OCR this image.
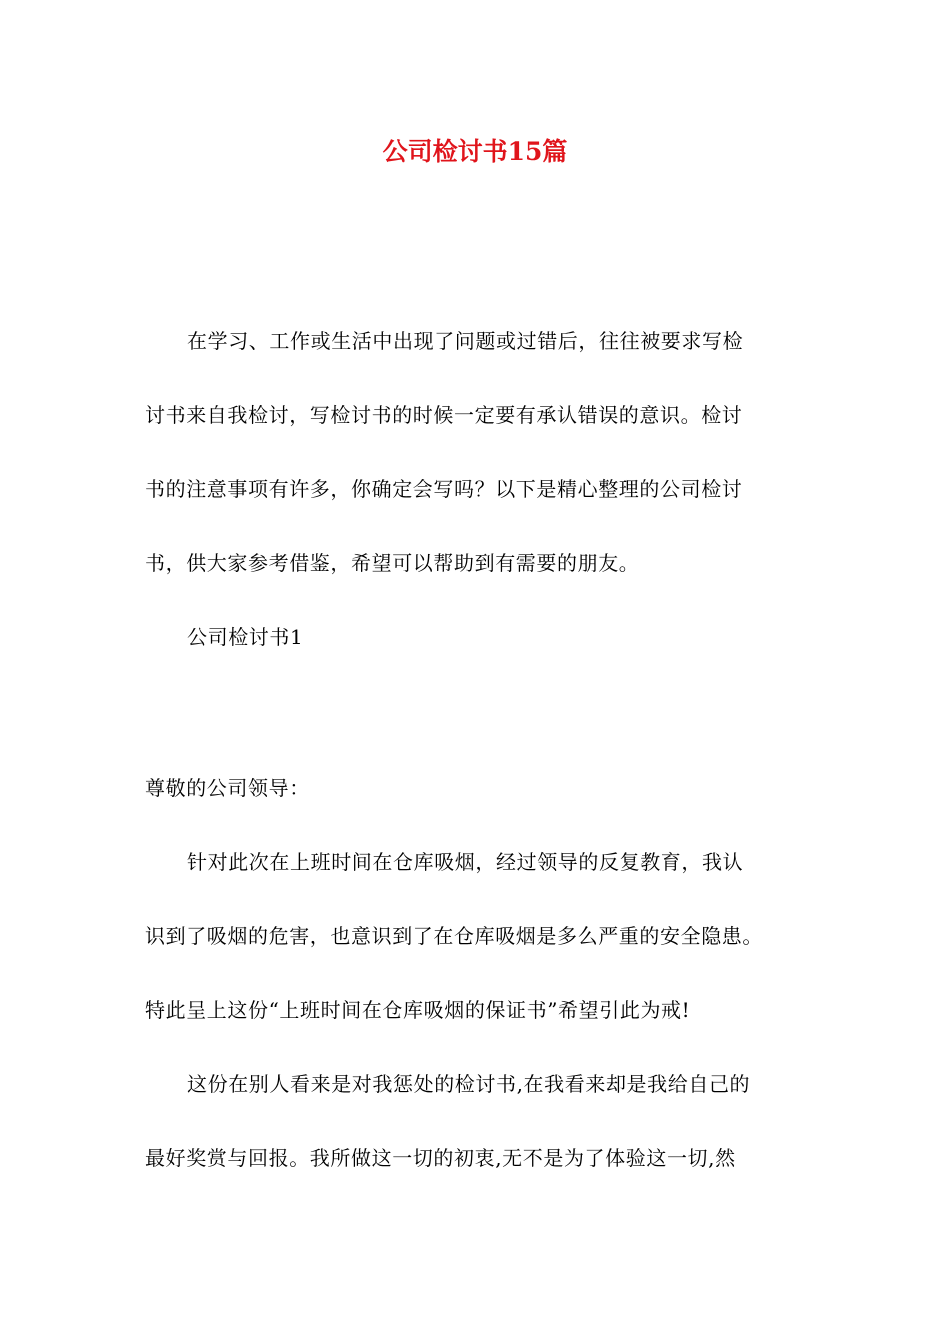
公司检讨书15篇
在学习、工作或生活中出现了问题或过错后，往往被要求写检
讨书来自我检讨，写检讨书的时候一定要有承认错误的意识。检讨
书的注意事项有许多，你确定会写吗？以下是精心整理的公司检讨
书，供大家参考借鉴，希望可以帮助到有需要的朋友。
公司检讨书1
尊敬的公司领导：
针对此次在上班时间在仓库吸烟，经过领导的反复教育，我认
识到了吸烟的危害，也意识到了在仓库吸烟是多么严重的安全隐患。
特此呈上这份“上班时间在仓库吸烟的保证书”希望引此为戒!
这份在别人看来是对我惩处的检讨书,在我看来却是我给自己的
最好奖赏与回报。我所做这一切的初衷,无不是为了体验这一切,然
